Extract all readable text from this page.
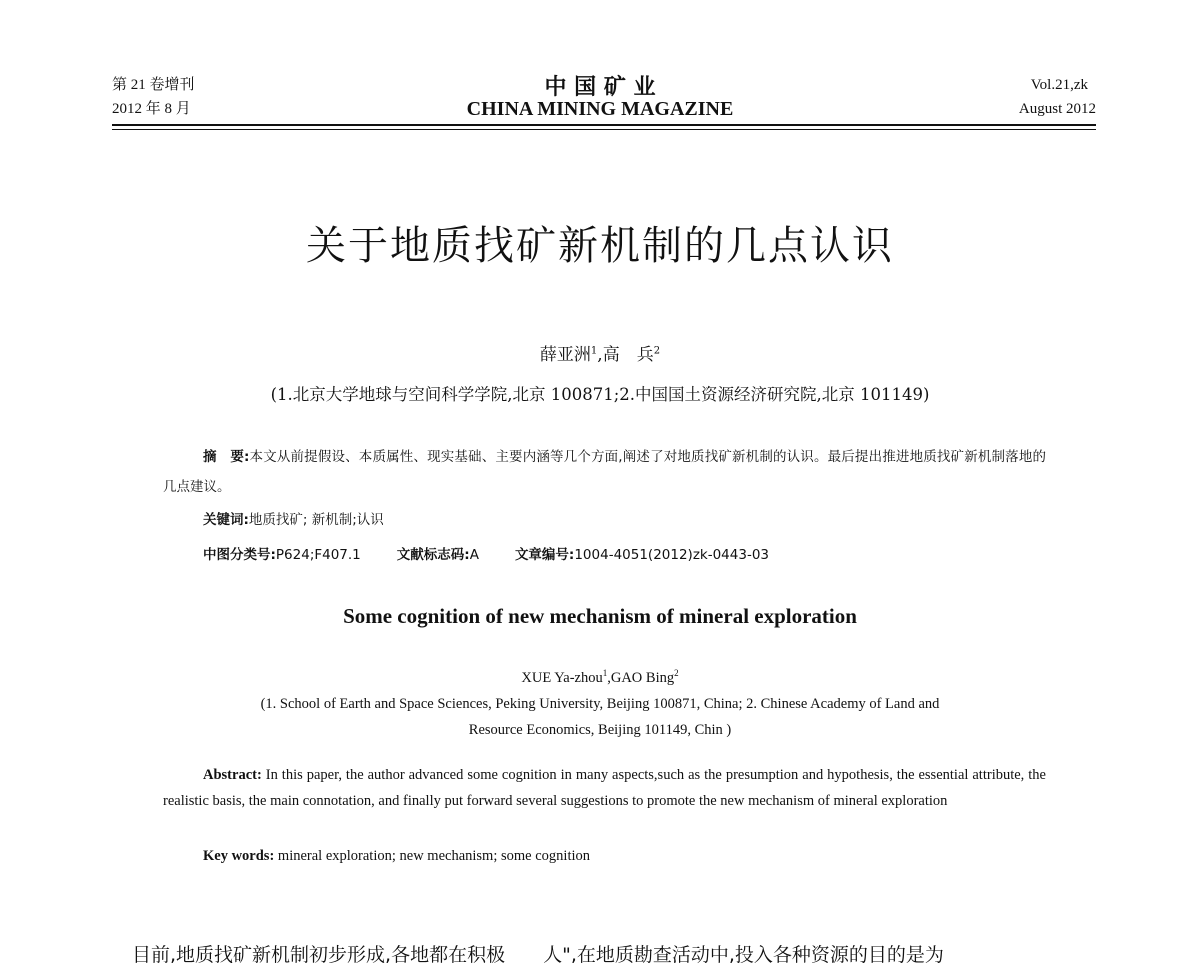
第 21 卷增刊
2012 年 8 月
中 国 矿 业
CHINA MINING MAGAZINE
Vol.21,zk
August 2012
关于地质找矿新机制的几点认识
薛亚洲$^1$,高　兵$^2$
(1.北京大学地球与空间科学学院,北京 100871;2.中国国土资源经济研究院,北京 101149)
摘　要:本文从前提假设、本质属性、现实基础、主要内涵等几个方面,阐述了对地质找矿新机制的认识。最后提出推进地质找矿新机制落地的几点建议。
关键词:地质找矿; 新机制;认识
中图分类号:P624;F407.1	文献标志码:A	文章编号:1004-4051(2012)zk-0443-03
Some cognition of new mechanism of mineral exploration
XUE Ya-zhou$^1$,GAO Bing$^2$
(1. School of Earth and Space Sciences, Peking University, Beijing 100871, China; 2. Chinese Academy of Land and
Resource Economics, Beijing 101149, Chin )
Abstract: In this paper, the author advanced some cognition in many aspects,such as the presumption and hypothesis, the essential attribute, the realistic basis, the main connotation, and finally put forward several suggestions to promote the new mechanism of mineral exploration
Key words: mineral exploration; new mechanism; some cognition
目前,地质找矿新机制初步形成,各地都在积极　　人",在地质勘查活动中,投入各种资源的目的是为
